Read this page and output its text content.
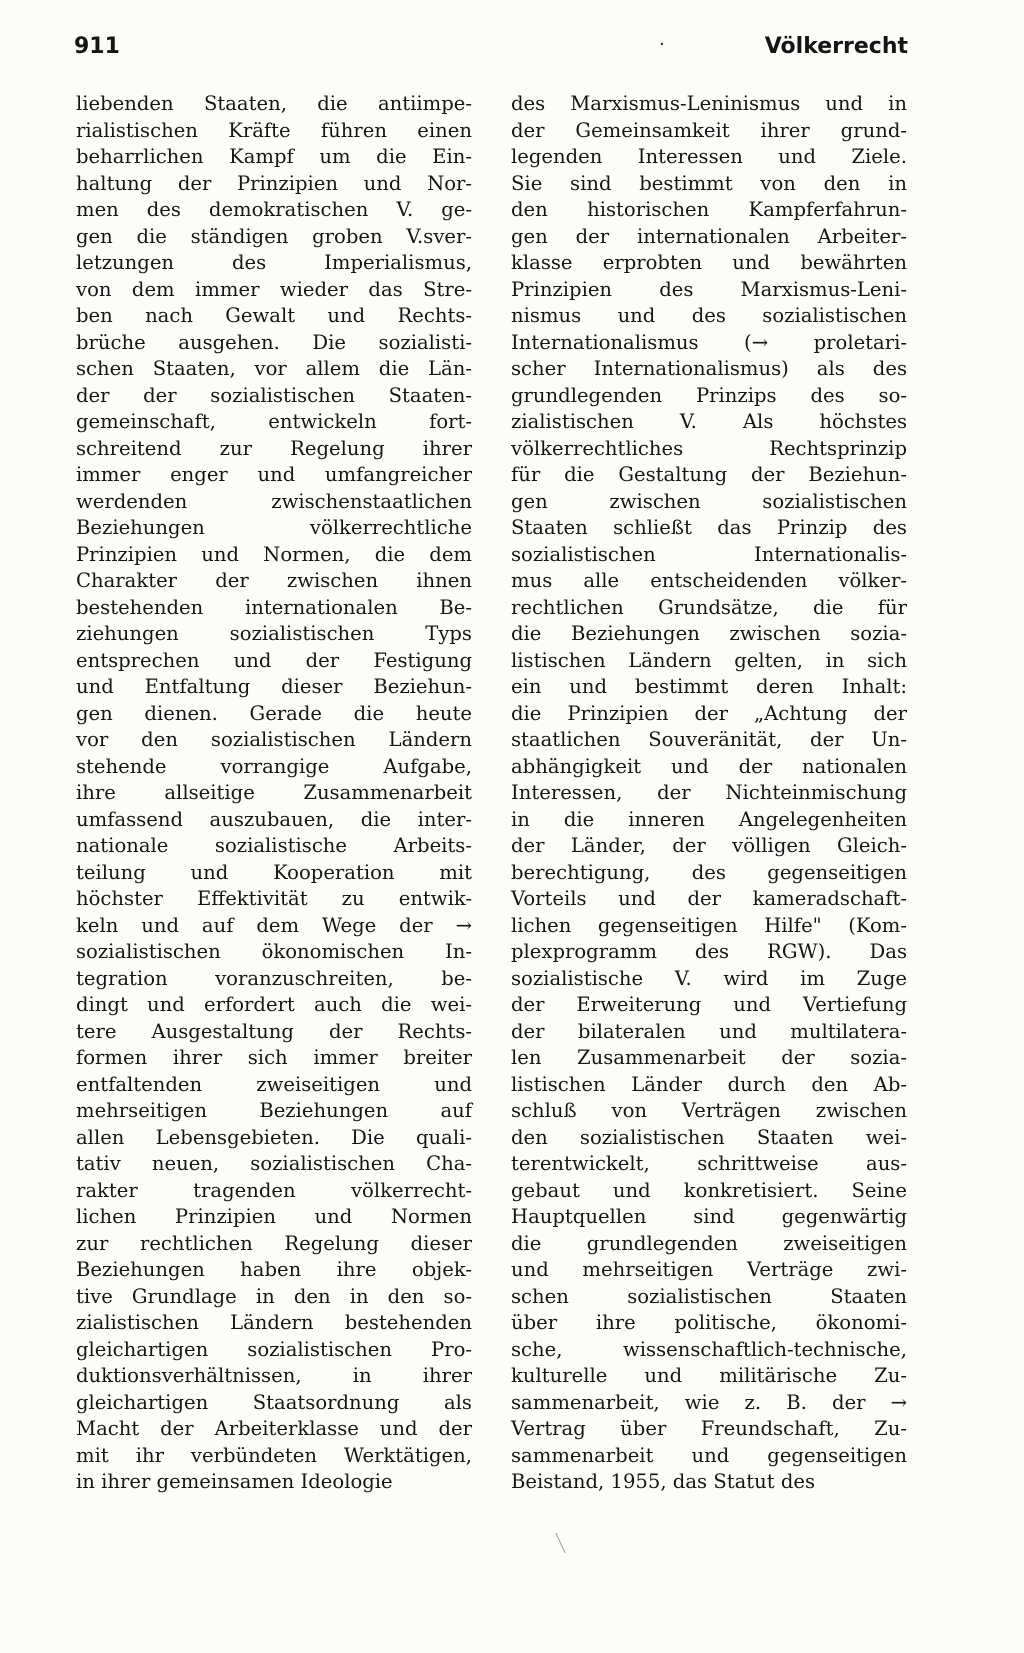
911	·	Völkerrecht
liebenden Staaten, die antiimpe-
rialistischen Kräfte führen einen
beharrlichen Kampf um die Ein-
haltung der Prinzipien und Nor-
men des demokratischen V. ge-
gen die ständigen groben V.sver-
letzungen des Imperialismus,
von dem immer wieder das Stre-
ben nach Gewalt und Rechts-
brüche ausgehen. Die sozialisti-
schen Staaten, vor allem die Län-
der der sozialistischen Staaten-
gemeinschaft, entwickeln fort-
schreitend zur Regelung ihrer
immer enger und umfangreicher
werdenden zwischenstaatlichen
Beziehungen völkerrechtliche
Prinzipien und Normen, die dem
Charakter der zwischen ihnen
bestehenden internationalen Be-
ziehungen sozialistischen Typs
entsprechen und der Festigung
und Entfaltung dieser Beziehun-
gen dienen. Gerade die heute
vor den sozialistischen Ländern
stehende vorrangige Aufgabe,
ihre allseitige Zusammenarbeit
umfassend auszubauen, die inter-
nationale sozialistische Arbeits-
teilung und Kooperation mit
höchster Effektivität zu entwik-
keln und auf dem Wege der →
sozialistischen ökonomischen In-
tegration voranzuschreiten, be-
dingt und erfordert auch die wei-
tere Ausgestaltung der Rechts-
formen ihrer sich immer breiter
entfaltenden zweiseitigen und
mehrseitigen Beziehungen auf
allen Lebensgebieten. Die quali-
tativ neuen, sozialistischen Cha-
rakter tragenden völkerrecht-
lichen Prinzipien und Normen
zur rechtlichen Regelung dieser
Beziehungen haben ihre objek-
tive Grundlage in den in den so-
zialistischen Ländern bestehenden
gleichartigen sozialistischen Pro-
duktionsverhältnissen, in ihrer
gleichartigen Staatsordnung als
Macht der Arbeiterklasse und der
mit ihr verbündeten Werktätigen,
in ihrer gemeinsamen Ideologie
des Marxismus-Leninismus und in
der Gemeinsamkeit ihrer grund-
legenden Interessen und Ziele.
Sie sind bestimmt von den in
den historischen Kampferfahrun-
gen der internationalen Arbeiter-
klasse erprobten und bewährten
Prinzipien des Marxismus-Leni-
nismus und des sozialistischen
Internationalismus (→ proletari-
scher Internationalismus) als des
grundlegenden Prinzips des so-
zialistischen V. Als höchstes
völkerrechtliches Rechtsprinzip
für die Gestaltung der Beziehun-
gen zwischen sozialistischen
Staaten schließt das Prinzip des
sozialistischen Internationalis-
mus alle entscheidenden völker-
rechtlichen Grundsätze, die für
die Beziehungen zwischen sozia-
listischen Ländern gelten, in sich
ein und bestimmt deren Inhalt:
die Prinzipien der „Achtung der
staatlichen Souveränität, der Un-
abhängigkeit und der nationalen
Interessen, der Nichteinmischung
in die inneren Angelegenheiten
der Länder, der völligen Gleich-
berechtigung, des gegenseitigen
Vorteils und der kameradschaft-
lichen gegenseitigen Hilfe" (Kom-
plexprogramm des RGW). Das
sozialistische V. wird im Zuge
der Erweiterung und Vertiefung
der bilateralen und multilatera-
len Zusammenarbeit der sozia-
listischen Länder durch den Ab-
schluß von Verträgen zwischen
den sozialistischen Staaten wei-
terentwickelt, schrittweise aus-
gebaut und konkretisiert. Seine
Hauptquellen sind gegenwärtig
die grundlegenden zweiseitigen
und mehrseitigen Verträge zwi-
schen sozialistischen Staaten
über ihre politische, ökonomi-
sche, wissenschaftlich-technische,
kulturelle und militärische Zu-
sammenarbeit, wie z. B. der →
Vertrag über Freundschaft, Zu-
sammenarbeit und gegenseitigen
Beistand, 1955, das Statut des
